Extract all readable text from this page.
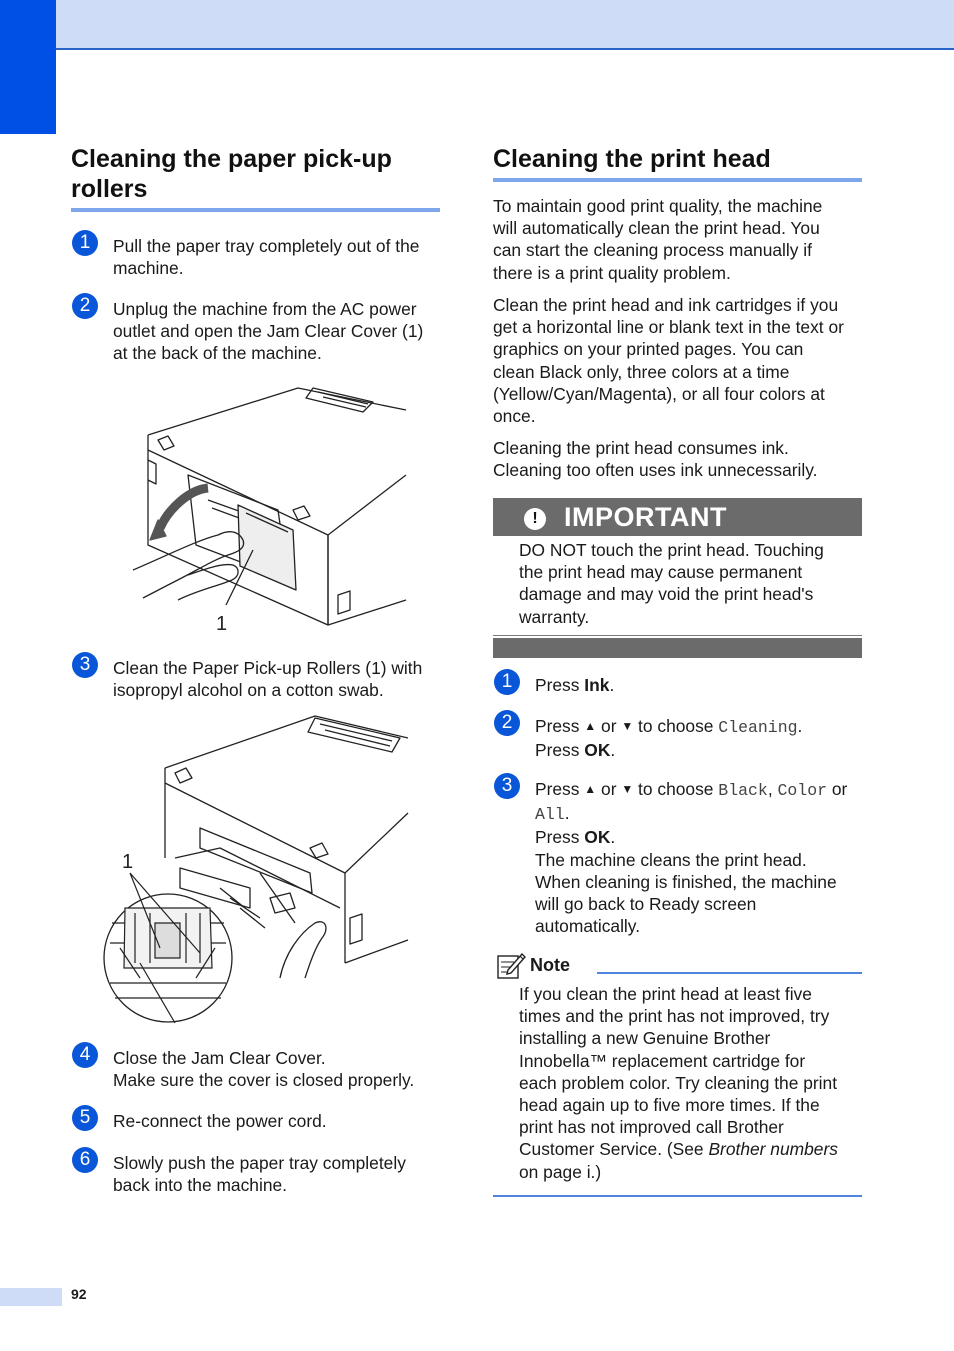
Cleaning the paper pick-up
rollers
1	Pull the paper tray completely out of the
machine.
2	Unplug the machine from the AC power
outlet and open the Jam Clear Cover (1)
at the back of the machine.
1
3	Clean the Paper Pick-up Rollers (1) with
isopropyl alcohol on a cotton swab.
1
4	Close the Jam Clear Cover.
Make sure the cover is closed properly.
5	Re-connect the power cord.
6	Slowly push the paper tray completely
back into the machine.
Cleaning the print head
To maintain good print quality, the machine
will automatically clean the print head. You
can start the cleaning process manually if
there is a print quality problem.
Clean the print head and ink cartridges if you
get a horizontal line or blank text in the text or
graphics on your printed pages. You can
clean Black only, three colors at a time
(Yellow/Cyan/Magenta), or all four colors at
once.
Cleaning the print head consumes ink.
Cleaning too often uses ink unnecessarily.
! IMPORTANT
DO NOT touch the print head. Touching
the print head may cause permanent
damage and may void the print head's
warranty.
1	Press Ink.
2	Press ▲ or ▼ to choose Cleaning.
Press OK.
3	Press ▲ or ▼ to choose Black, Color or
All.
Press OK.
The machine cleans the print head.
When cleaning is finished, the machine
will go back to Ready screen
automatically.
Note
If you clean the print head at least five
times and the print has not improved, try
installing a new Genuine Brother
Innobella™ replacement cartridge for
each problem color. Try cleaning the print
head again up to five more times. If the
print has not improved call Brother
Customer Service. (See Brother numbers
on page i.)
92
